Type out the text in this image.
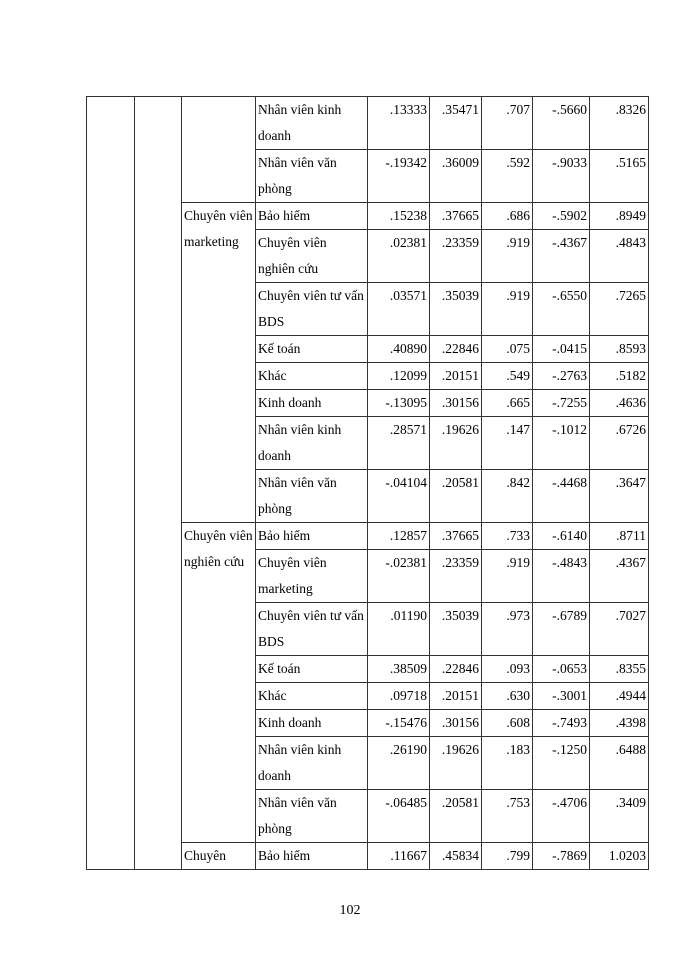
			Nhân viên kinh doanh	.13333	.35471	.707	-.5660	.8326
			Nhân viên văn phòng	-.19342	.36009	.592	-.9033	.5165
		Chuyên viên marketing	Bảo hiểm	.15238	.37665	.686	-.5902	.8949
			Chuyên viên nghiên cứu	.02381	.23359	.919	-.4367	.4843
			Chuyên viên tư vấn BDS	.03571	.35039	.919	-.6550	.7265
			Kế toán	.40890	.22846	.075	-.0415	.8593
			Khác	.12099	.20151	.549	-.2763	.5182
			Kinh doanh	-.13095	.30156	.665	-.7255	.4636
			Nhân viên kinh doanh	.28571	.19626	.147	-.1012	.6726
			Nhân viên văn phòng	-.04104	.20581	.842	-.4468	.3647
		Chuyên viên nghiên cứu	Bảo hiểm	.12857	.37665	.733	-.6140	.8711
			Chuyên viên marketing	-.02381	.23359	.919	-.4843	.4367
			Chuyên viên tư vấn BDS	.01190	.35039	.973	-.6789	.7027
			Kế toán	.38509	.22846	.093	-.0653	.8355
			Khác	.09718	.20151	.630	-.3001	.4944
			Kinh doanh	-.15476	.30156	.608	-.7493	.4398
			Nhân viên kinh doanh	.26190	.19626	.183	-.1250	.6488
			Nhân viên văn phòng	-.06485	.20581	.753	-.4706	.3409
		Chuyên	Bảo hiểm	.11667	.45834	.799	-.7869	1.0203
102
